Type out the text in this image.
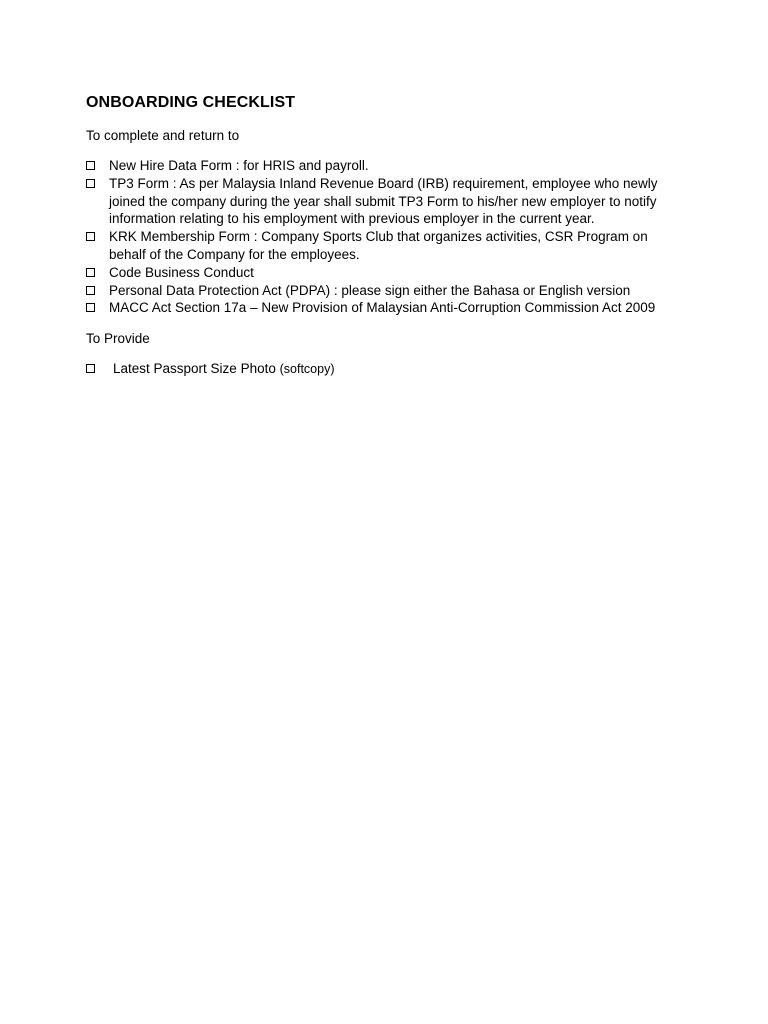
ONBOARDING CHECKLIST

To complete and return to

New Hire Data Form : for HRIS and payroll.
TP3 Form : As per Malaysia Inland Revenue Board (IRB) requirement, employee who newly joined the company during the year shall submit TP3 Form to his/her new employer to notify information relating to his employment with previous employer in the current year.
KRK Membership Form : Company Sports Club that organizes activities, CSR Program on behalf of the Company for the employees.
Code Business Conduct
Personal Data Protection Act (PDPA) : please sign either the Bahasa or English version
MACC Act Section 17a – New Provision of Malaysian Anti-Corruption Commission Act 2009

To Provide

Latest Passport Size Photo (softcopy)
